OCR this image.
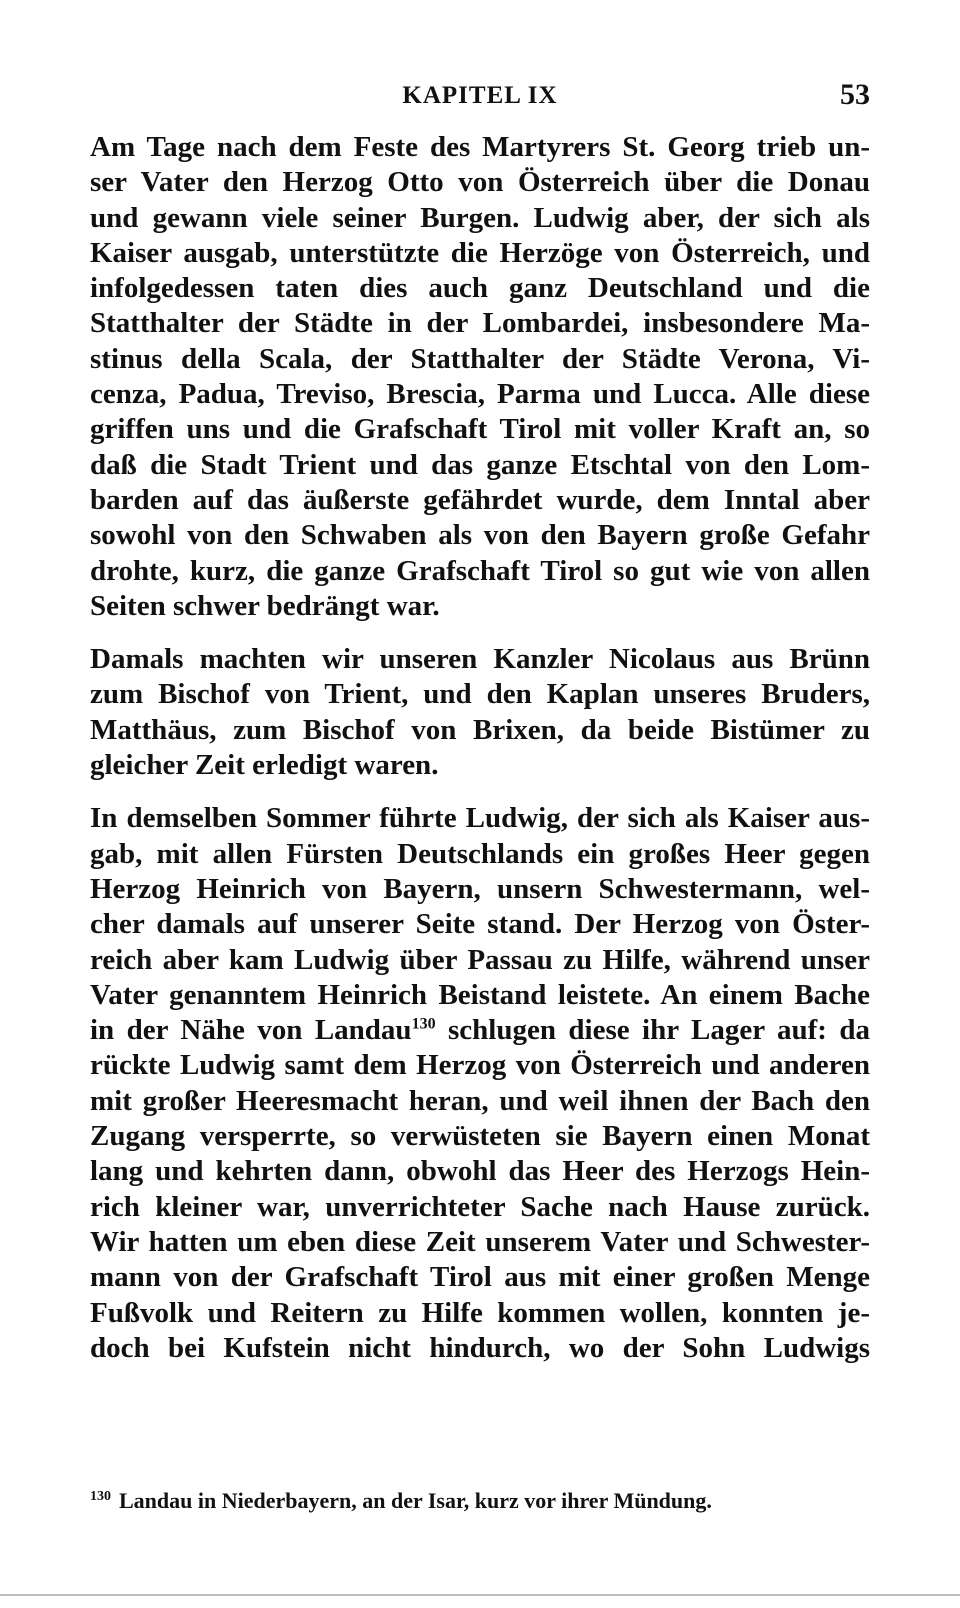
KAPITEL IX	53
Am Tage nach dem Feste des Martyrers St. Georg trieb un-
ser Vater den Herzog Otto von Österreich über die Donau
und gewann viele seiner Burgen. Ludwig aber, der sich als
Kaiser ausgab, unterstützte die Herzöge von Österreich, und
infolgedessen taten dies auch ganz Deutschland und die
Statthalter der Städte in der Lombardei, insbesondere Ma-
stinus della Scala, der Statthalter der Städte Verona, Vi-
cenza, Padua, Treviso, Brescia, Parma und Lucca. Alle diese
griffen uns und die Grafschaft Tirol mit voller Kraft an, so
daß die Stadt Trient und das ganze Etschtal von den Lom-
barden auf das äußerste gefährdet wurde, dem Inntal aber
sowohl von den Schwaben als von den Bayern große Gefahr
drohte, kurz, die ganze Grafschaft Tirol so gut wie von allen
Seiten schwer bedrängt war.
Damals machten wir unseren Kanzler Nicolaus aus Brünn
zum Bischof von Trient, und den Kaplan unseres Bruders,
Matthäus, zum Bischof von Brixen, da beide Bistümer zu
gleicher Zeit erledigt waren.
In demselben Sommer führte Ludwig, der sich als Kaiser aus-
gab, mit allen Fürsten Deutschlands ein großes Heer gegen
Herzog Heinrich von Bayern, unsern Schwestermann, wel-
cher damals auf unserer Seite stand. Der Herzog von Öster-
reich aber kam Ludwig über Passau zu Hilfe, während unser
Vater genanntem Heinrich Beistand leistete. An einem Bache
in der Nähe von Landau$^{130}$ schlugen diese ihr Lager auf: da
rückte Ludwig samt dem Herzog von Österreich und anderen
mit großer Heeresmacht heran, und weil ihnen der Bach den
Zugang versperrte, so verwüsteten sie Bayern einen Monat
lang und kehrten dann, obwohl das Heer des Herzogs Hein-
rich kleiner war, unverrichteter Sache nach Hause zurück.
Wir hatten um eben diese Zeit unserem Vater und Schwester-
mann von der Grafschaft Tirol aus mit einer großen Menge
Fußvolk und Reitern zu Hilfe kommen wollen, konnten je-
doch bei Kufstein nicht hindurch, wo der Sohn Ludwigs
$^{130}$ Landau in Niederbayern, an der Isar, kurz vor ihrer Mündung.
